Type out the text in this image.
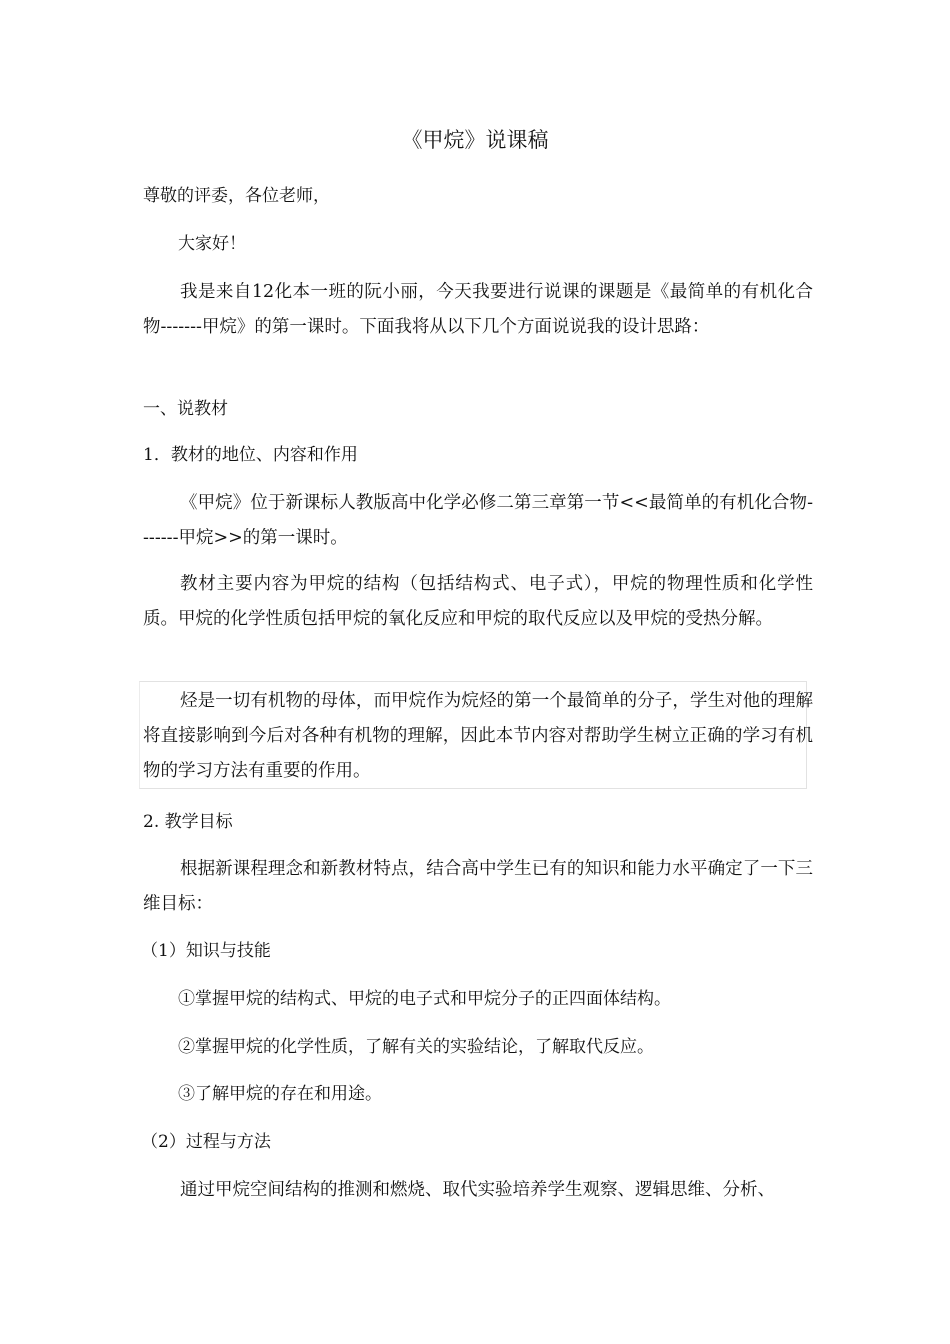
《甲烷》说课稿
尊敬的评委，各位老师，
大家好！
我是来自12化本一班的阮小丽，今天我要进行说课的课题是《最简单的有机化合物-------甲烷》的第一课时。下面我将从以下几个方面说说我的设计思路：
一、说教材
1．教材的地位、内容和作用
《甲烷》位于新课标人教版高中化学必修二第三章第一节<<最简单的有机化合物-------甲烷>>的第一课时。
教材主要内容为甲烷的结构（包括结构式、电子式），甲烷的物理性质和化学性质。甲烷的化学性质包括甲烷的氧化反应和甲烷的取代反应以及甲烷的受热分解。
烃是一切有机物的母体，而甲烷作为烷烃的第一个最简单的分子，学生对他的理解将直接影响到今后对各种有机物的理解，因此本节内容对帮助学生树立正确的学习有机物的学习方法有重要的作用。
2. 教学目标
根据新课程理念和新教材特点，结合高中学生已有的知识和能力水平确定了一下三维目标：
（1）知识与技能
①掌握甲烷的结构式、甲烷的电子式和甲烷分子的正四面体结构。
②掌握甲烷的化学性质，了解有关的实验结论，了解取代反应。
③了解甲烷的存在和用途。
（2）过程与方法
通过甲烷空间结构的推测和燃烧、取代实验培养学生观察、逻辑思维、分析、
